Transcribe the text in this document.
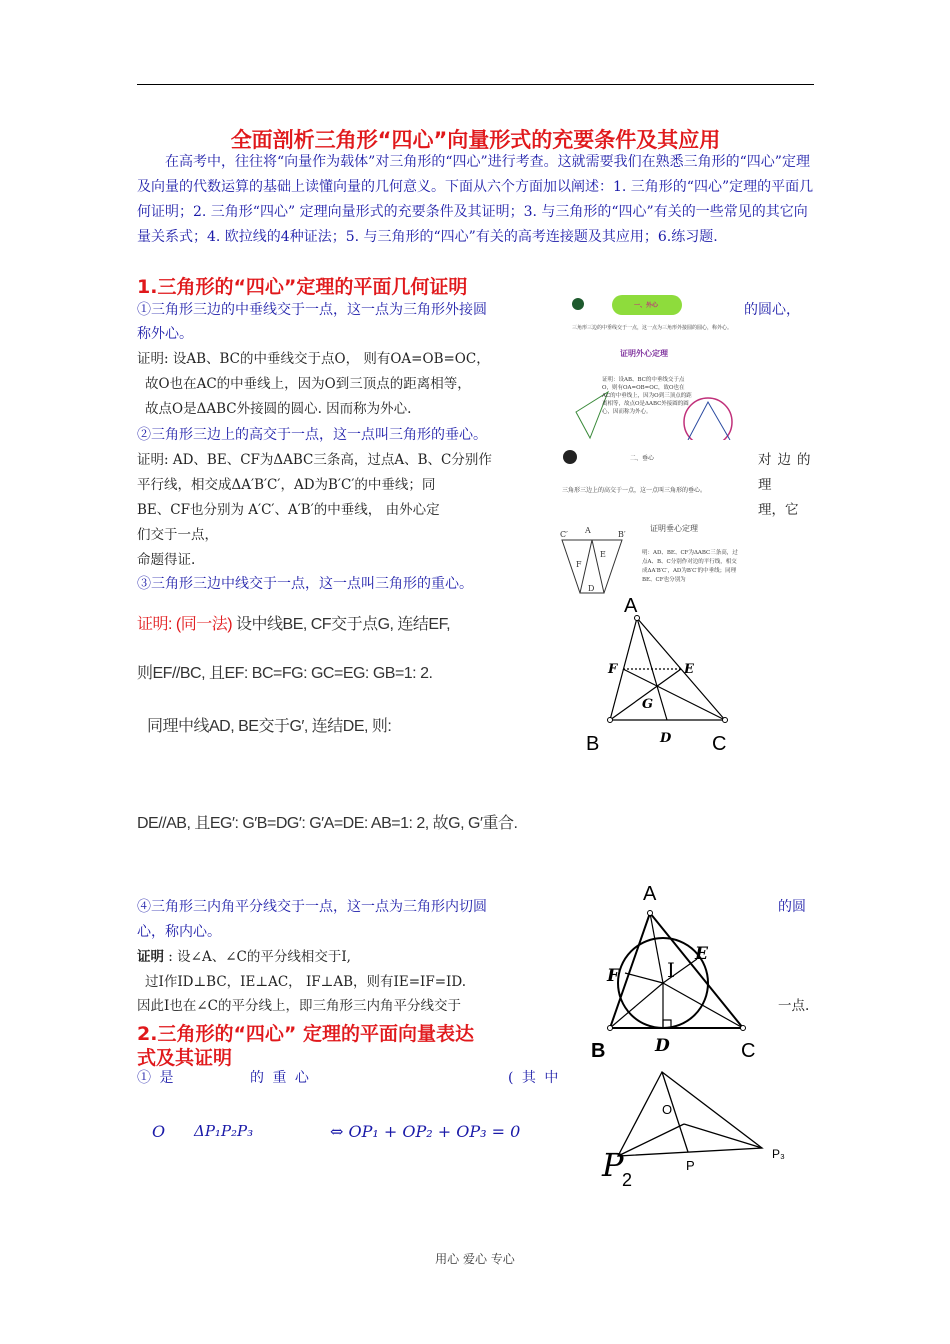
全面剖析三角形“四心”向量形式的充要条件及其应用
在高考中，往往将“向量作为载体”对三角形的“四心”进行考查。这就需要我们在熟悉三角形的“四心”定理及向量的代数运算的基础上读懂向量的几何意义。下面从六个方面加以阐述：1. 三角形的“四心”定理的平面几何证明；2. 三角形“四心” 定理向量形式的充要条件及其证明；3. 与三角形的“四心”有关的一些常见的其它向量关系式；4. 欧拉线的4种证法；5. 与三角形的“四心”有关的高考连接题及其应用；6.练习题.
1.三角形的“四心”定理的平面几何证明
①三角形三边的中垂线交于一点，这一点为三角形外接圆	的圆心，
称外心。
证明: 设AB、BC的中垂线交于点O， 则有OA=OB=OC，
故O也在AC的中垂线上，因为O到三顶点的距离相等，
故点O是ΔABC外接圆的圆心. 因而称为外心.
②三角形三边上的高交于一点，这一点叫三角形的垂心。
证明: AD、BE、CF为ΔABC三条高，过点A、B、C分别作	对边的
平行线，相交成ΔA′B′C′，AD为B′C′的中垂线；同	理
BE、CF也分别为 A′C′、A′B′的中垂线， 由外心定	理，它
们交于一点，
命题得证.
③三角形三边中线交于一点，这一点叫三角形的重心。
证明: (同一法) 设中线BE, CF交于点G, 连结EF,
则EF//BC, 且EF: BC=FG: GC=EG: GB=1: 2.
同理中线AD, BE交于G′, 连结DE, 则:
DE//AB, 且EG′: G′B=DG′: G′A=DE: AB=1: 2, 故G, G′重合.
④三角形三内角平分线交于一点，这一点为三角形内切圆	的圆
心，称内心。
证明 : 设∠A、∠C的平分线相交于I,
过I作ID⊥BC，IE⊥AC， IF⊥AB，则有IE=IF=ID.
因此I也在∠C的平分线上，即三角形三内角平分线交于	一点.
2.三角形的“四心” 定理的平面向量表达
式及其证明
① 是	的 重 心	( 其 中
O ΔP₁P₂P₃	⇔ OP₁ + OP₂ + OP₃ = 0
一、外心
三角形三边的中垂线交于一点，这一点为三角形外接圆的圆心，称外心。
证明外心定理
证明：设AB、BC的中垂线交于点O，则有OA=OB=OC，故O也在AC的中垂线上，因为O到三顶点的距离相等，故点O是ΔABC外接圆的圆心，因而称为外心。
C′ A	B′
F
E
D
二、垂心
三角形三边上的高交于一点，这一点叫三角形的垂心。
证明垂心定理
明：AD、BE、CF为ΔABC三条高，过点A、B、C分别作对边的平行线，相交成ΔA′B′C′，AD为B′C′的中垂线；同理BE、CF也分别为
A
B	C
D
E
F
G
A
B	C
D
E
F I
O
P
P
2
P₃
用心 爱心 专心
